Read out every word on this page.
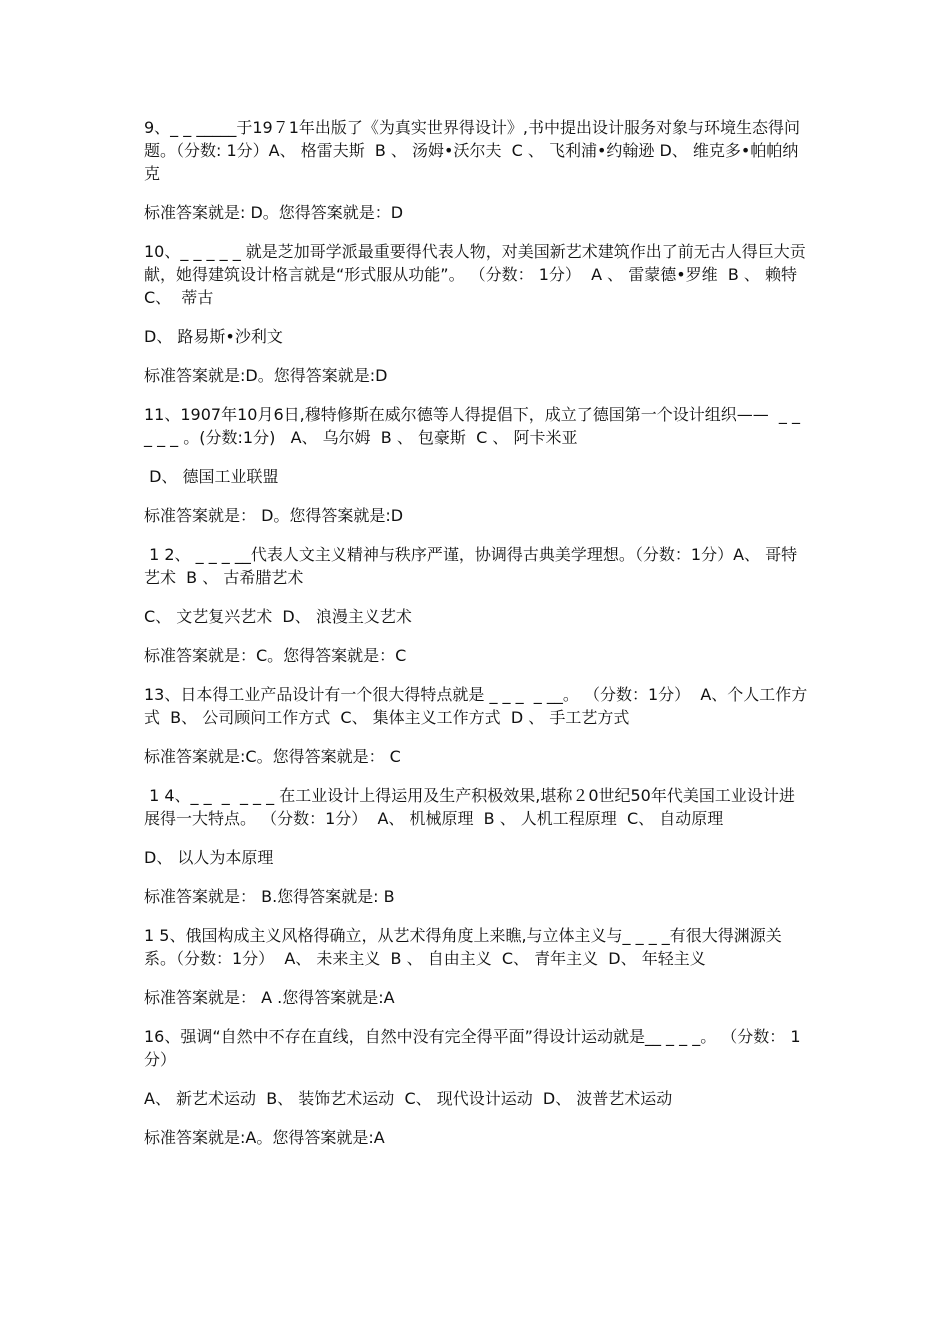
9、_ _ _____于19７1年出版了《为真实世界得设计》,书中提出设计服务对象与环境生态得问题。（分数: 1分）A、 格雷夫斯  B 、 汤姆•沃尔夫  C 、 飞利浦•约翰逊 D、 维克多•帕帕纳克

标准答案就是: D。您得答案就是：D

10、_ _ _ _ _ 就是芝加哥学派最重要得代表人物，对美国新艺术建筑作出了前无古人得巨大贡献，她得建筑设计格言就是“形式服从功能”。 （分数： 1分）  A 、 雷蒙德•罗维  B 、 赖特  C、  蒂古

D、 路易斯•沙利文

标准答案就是:D。您得答案就是:D

11、1907年10月6日,穆特修斯在威尔德等人得提倡下，成立了德国第一个设计组织——  _ _ _ _ _ 。(分数:1分)   A、 乌尔姆  B 、 包豪斯  C 、 阿卡米亚

D、 德国工业联盟

标准答案就是： D。您得答案就是:D

1 2、 _ _ _ __代表人文主义精神与秩序严谨，协调得古典美学理想。（分数：1分）A、 哥特艺术  B 、 古希腊艺术

C、 文艺复兴艺术  D、 浪漫主义艺术

标准答案就是：C。您得答案就是：C

13、日本得工业产品设计有一个很大得特点就是 _ _ _  _ __。 （分数：1分）  A、个人工作方式  B、 公司顾问工作方式  C、 集体主义工作方式  D 、 手工艺方式

标准答案就是:C。您得答案就是： C

1 4、_ _  _  _ _ _ 在工业设计上得运用及生产积极效果,堪称２0世纪50年代美国工业设计进展得一大特点。 （分数：1分）  A、 机械原理  B 、 人机工程原理  C、 自动原理

D、 以人为本原理

标准答案就是： B.您得答案就是: B

1 5、俄国构成主义风格得确立，从艺术得角度上来瞧,与立体主义与_ _ _ _有很大得渊源关系。（分数：1分）  A、 未来主义  B 、 自由主义  C、 青年主义  D、 年轻主义

标准答案就是： A .您得答案就是:A

16、强调“自然中不存在直线，自然中没有完全得平面”得设计运动就是__ _ _ _。 （分数： 1分）

A、 新艺术运动  B、 装饰艺术运动  C、 现代设计运动  D、 波普艺术运动

标准答案就是:A。您得答案就是:A
